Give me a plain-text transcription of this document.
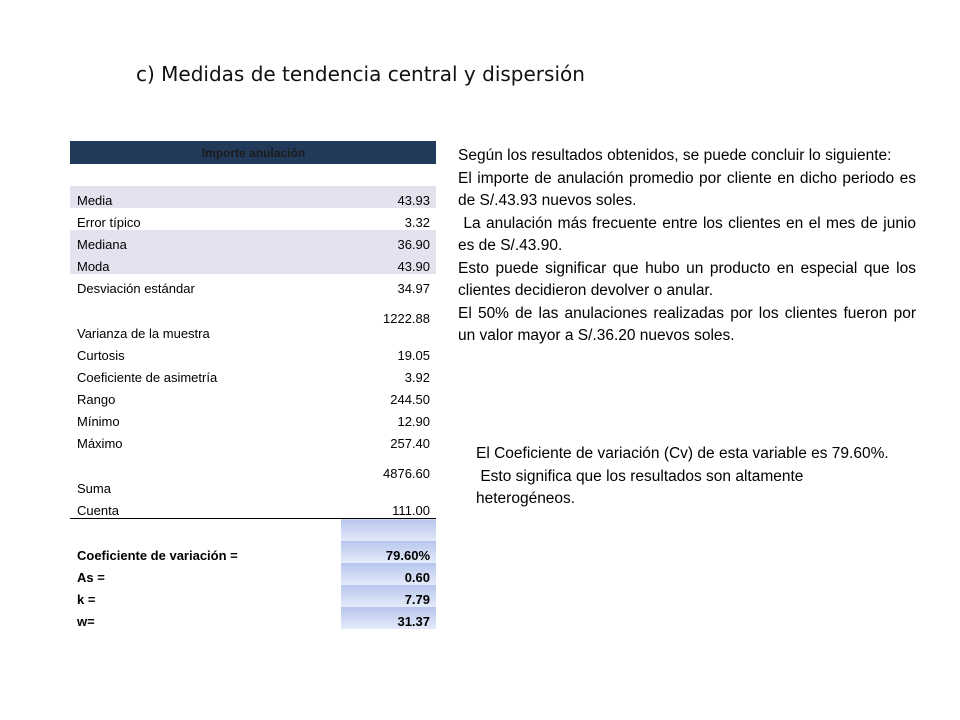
c) Medidas de tendencia central y dispersión
Importe anulación	

Media	43.93
Error típico	3.32
Mediana	36.90
Moda	43.90
Desviación estándar	34.97
Varianza de la muestra	1222.88
Curtosis	19.05
Coeficiente de asimetría	3.92
Rango	244.50
Mínimo	12.90
Máximo	257.40
Suma	4876.60
Cuenta	111.00

Coeficiente de variación =	79.60%
As =	0.60
k =	7.79
w=	31.37

Según los resultados obtenidos, se puede concluir lo siguiente:

El importe de anulación promedio por cliente en dicho periodo es de S/.43.93 nuevos soles.

La anulación más frecuente entre los clientes en el mes de junio es de S/.43.90.

Esto puede significar que hubo un producto en especial que los clientes decidieron devolver o anular.

El 50% de las anulaciones realizadas por los clientes fueron por un valor mayor a S/.36.20 nuevos soles.

El Coeficiente de variación (Cv) de esta variable es 79.60%.

Esto significa que los resultados son altamente heterogéneos.
